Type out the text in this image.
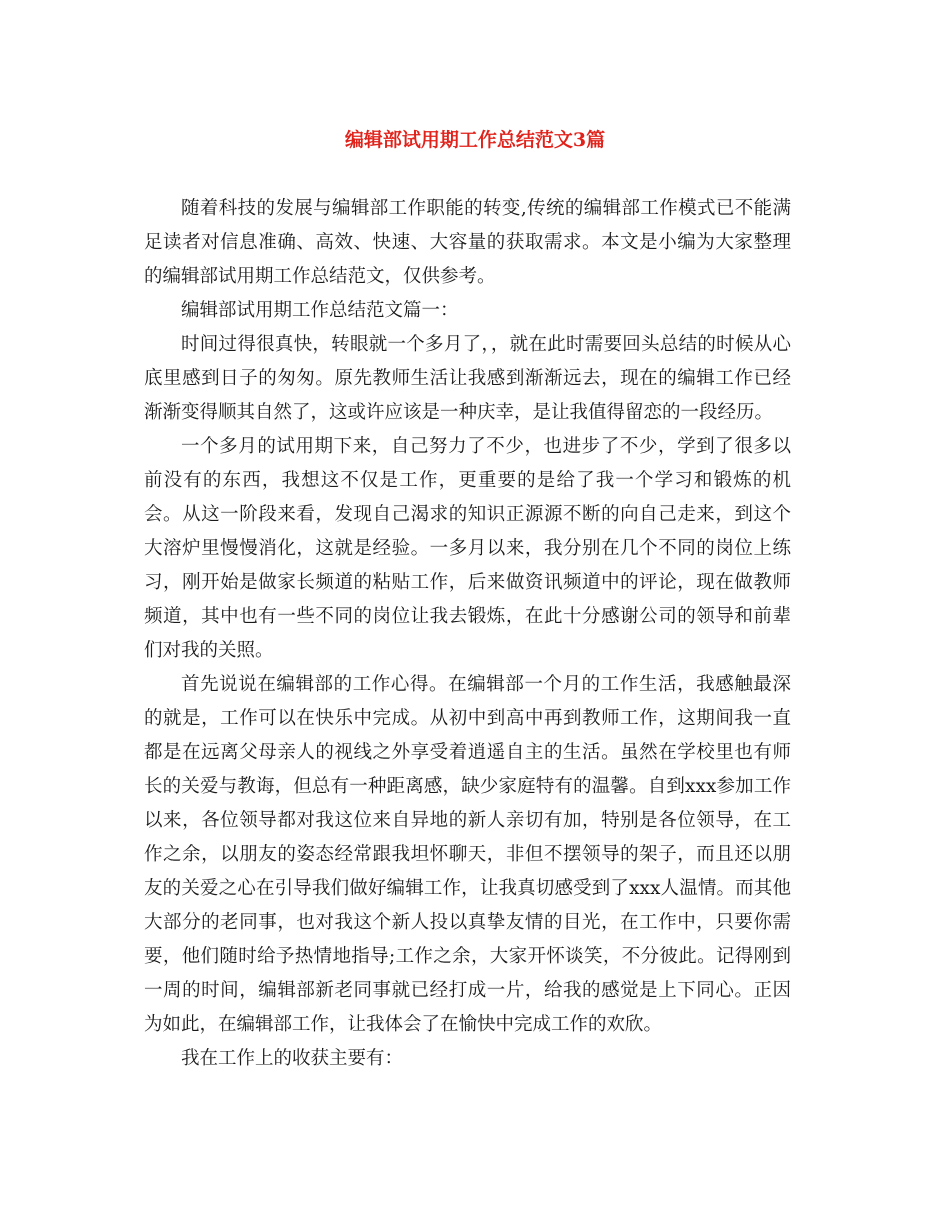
编辑部试用期工作总结范文3篇

随着科技的发展与编辑部工作职能的转变,传统的编辑部工作模式已不能满足读者对信息准确、高效、快速、大容量的获取需求。本文是小编为大家整理的编辑部试用期工作总结范文，仅供参考。

编辑部试用期工作总结范文篇一：

时间过得很真快，转眼就一个多月了，，就在此时需要回头总结的时候从心底里感到日子的匆匆。原先教师生活让我感到渐渐远去，现在的编辑工作已经渐渐变得顺其自然了，这或许应该是一种庆幸，是让我值得留恋的一段经历。

一个多月的试用期下来，自己努力了不少，也进步了不少，学到了很多以前没有的东西，我想这不仅是工作，更重要的是给了我一个学习和锻炼的机会。从这一阶段来看，发现自己渴求的知识正源源不断的向自己走来，到这个大溶炉里慢慢消化，这就是经验。一多月以来，我分别在几个不同的岗位上练习，刚开始是做家长频道的粘贴工作，后来做资讯频道中的评论，现在做教师频道，其中也有一些不同的岗位让我去锻炼，在此十分感谢公司的领导和前辈们对我的关照。

首先说说在编辑部的工作心得。在编辑部一个月的工作生活，我感触最深的就是，工作可以在快乐中完成。从初中到高中再到教师工作，这期间我一直都是在远离父母亲人的视线之外享受着逍遥自主的生活。虽然在学校里也有师长的关爱与教诲，但总有一种距离感，缺少家庭特有的温馨。自到xxx参加工作以来，各位领导都对我这位来自异地的新人亲切有加，特别是各位领导，在工作之余，以朋友的姿态经常跟我坦怀聊天，非但不摆领导的架子，而且还以朋友的关爱之心在引导我们做好编辑工作，让我真切感受到了xxx人温情。而其他大部分的老同事，也对我这个新人投以真挚友情的目光，在工作中，只要你需要，他们随时给予热情地指导;工作之余，大家开怀谈笑，不分彼此。记得刚到一周的时间，编辑部新老同事就已经打成一片，给我的感觉是上下同心。正因为如此，在编辑部工作，让我体会了在愉快中完成工作的欢欣。

我在工作上的收获主要有：
